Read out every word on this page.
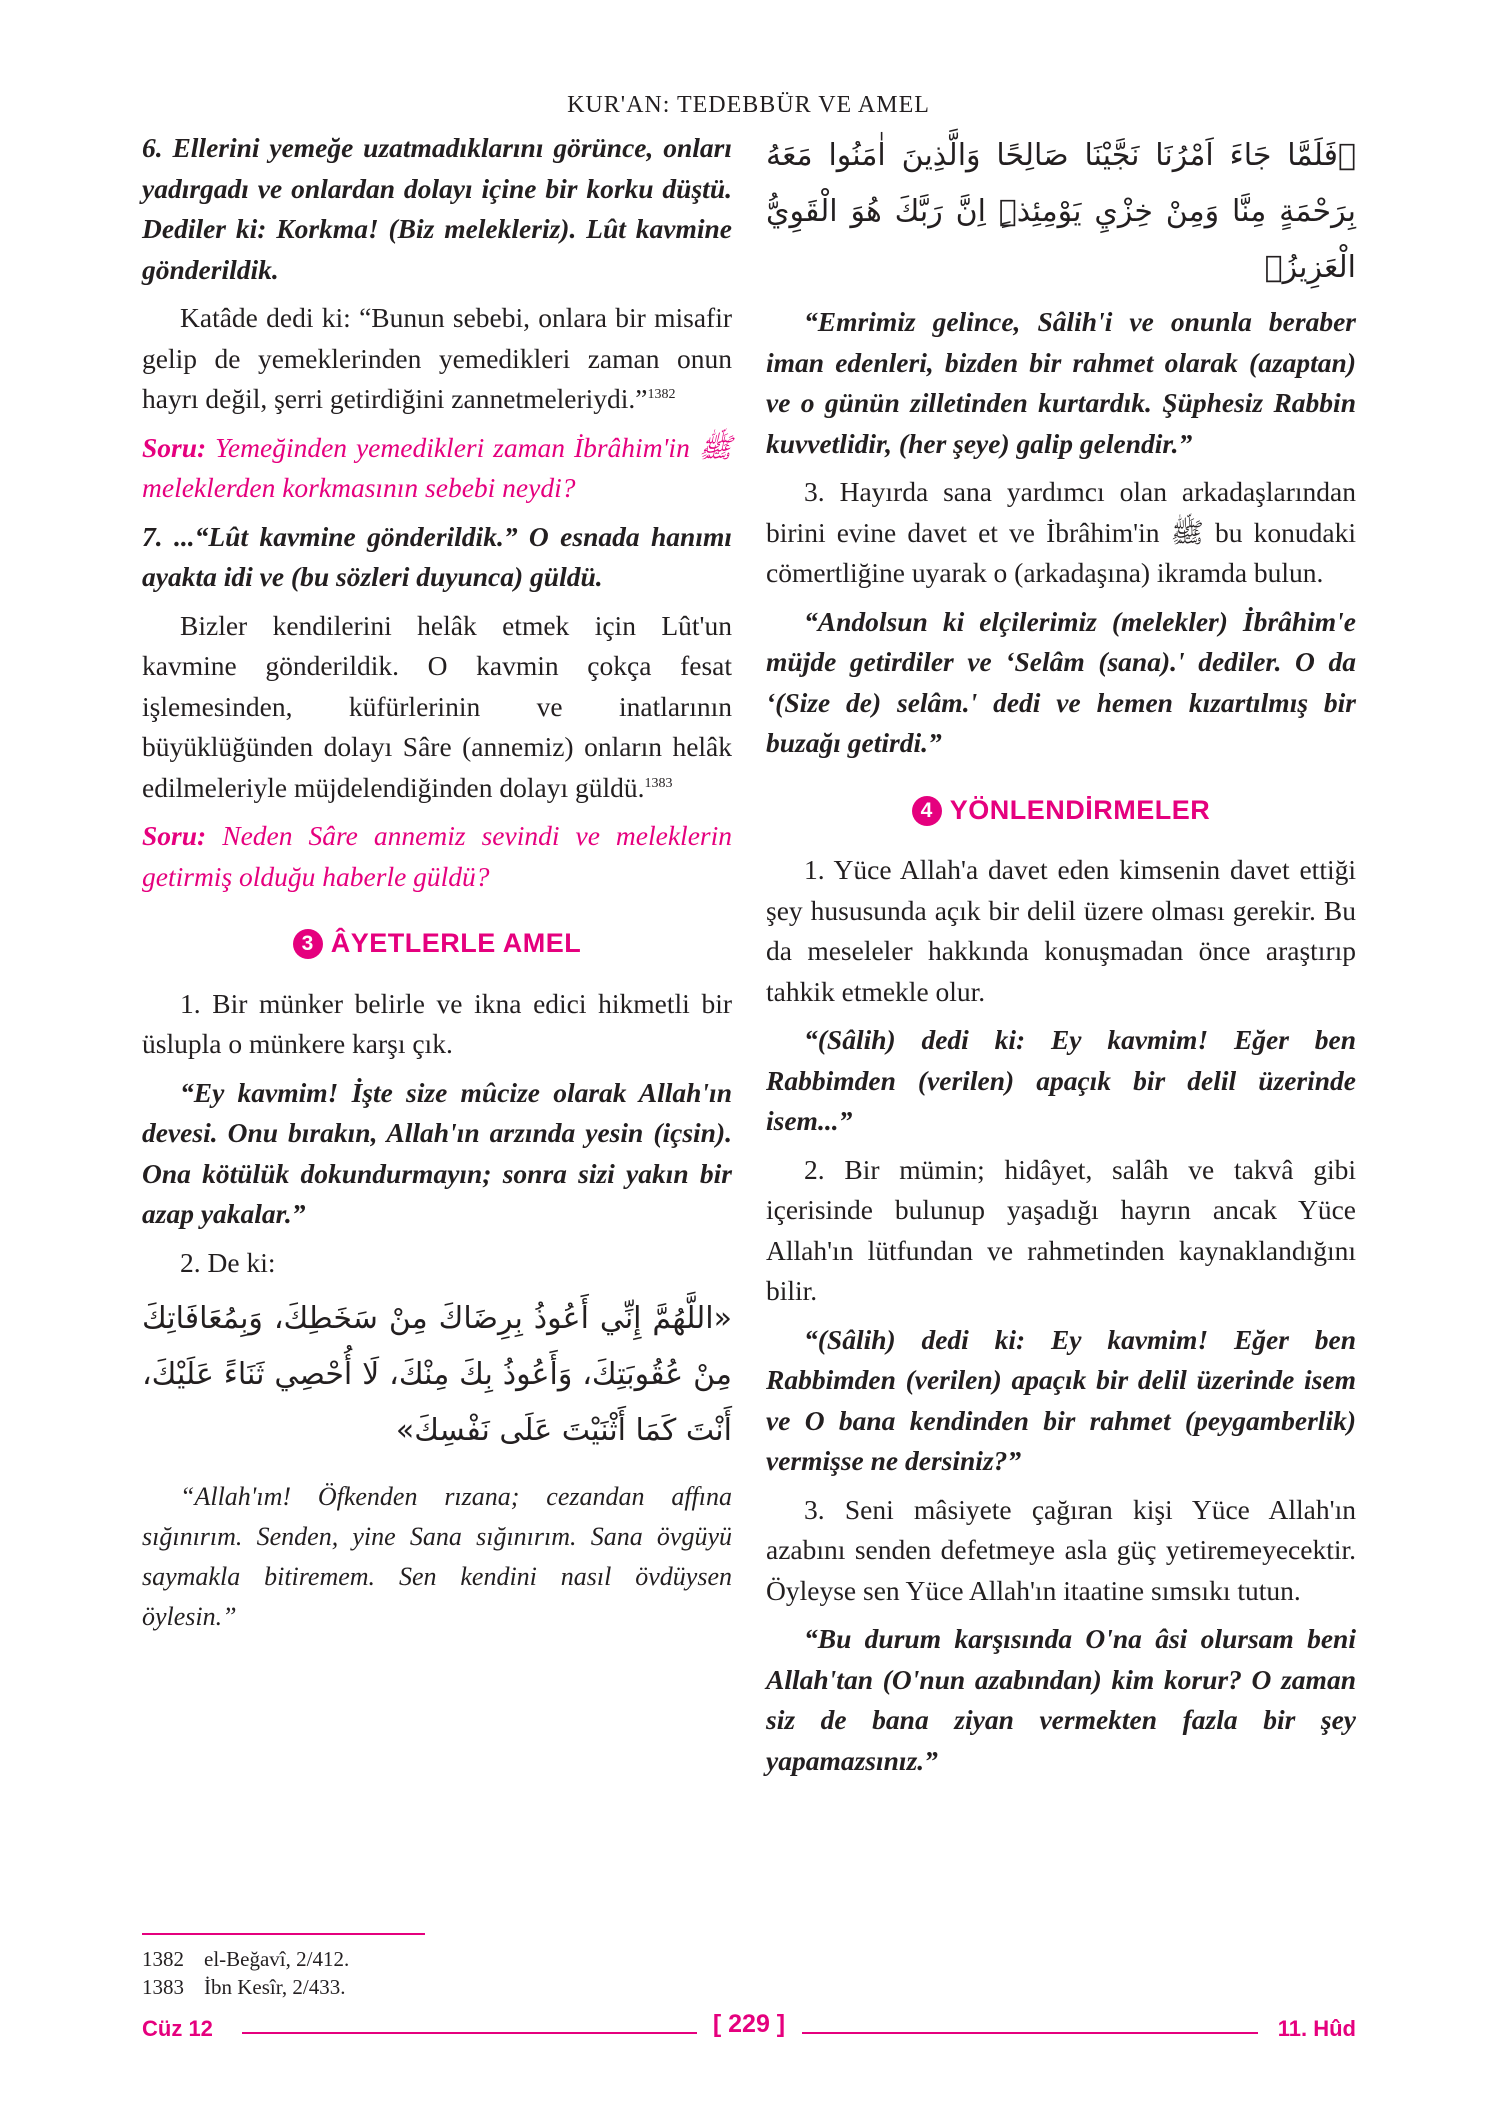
KUR'AN: TEDEBBÜR VE AMEL

6. Ellerini yemeğe uzatmadıklarını görünce, onları yadırgadı ve onlardan dolayı içine bir korku düştü. Dediler ki: Korkma! (Biz melekleriz). Lût kavmine gönderildik.

Katâde dedi ki: “Bunun sebebi, onlara bir misafir gelip de yemeklerinden yemedikleri zaman onun hayrı değil, şerri getirdiğini zannetmeleriydi.”$^{1382}$

Soru: Yemeğinden yemedikleri zaman İbrâhim'in ﷺ meleklerden korkmasının sebebi neydi?

7. ...“Lût kavmine gönderildik.” O esnada hanımı ayakta idi ve (bu sözleri duyunca) güldü.

Bizler kendilerini helâk etmek için Lût'un kavmine gönderildik. O kavmin çokça fesat işlemesinden, küfürlerinin ve inatlarının büyüklüğünden dolayı Sâre (annemiz) onların helâk edilmeleriyle müjdelendiğinden dolayı güldü.$^{1383}$

Soru: Neden Sâre annemiz sevindi ve meleklerin getirmiş olduğu haberle güldü?

3 ÂYETLERLE AMEL

1. Bir münker belirle ve ikna edici hikmetli bir üslupla o münkere karşı çık.

“Ey kavmim! İşte size mûcize olarak Allah'ın devesi. Onu bırakın, Allah'ın arzında yesin (içsin). Ona kötülük dokundurmayın; sonra sizi yakın bir azap yakalar.”

2. De ki:

«اللَّهُمَّ إِنِّي أَعُوذُ بِرِضَاكَ مِنْ سَخَطِكَ، وَبِمُعَافَاتِكَ مِنْ عُقُوبَتِكَ، وَأَعُوذُ بِكَ مِنْكَ، لَا أُحْصِي ثَنَاءً عَلَيْكَ، أَنْتَ كَمَا أَثْنَيْتَ عَلَى نَفْسِكَ»

“Allah'ım! Öfkenden rızana; cezandan affına sığınırım. Senden, yine Sana sığınırım. Sana övgüyü saymakla bitiremem. Sen kendini nasıl övdüysen öylesin.”

﴿فَلَمَّا جَاءَ اَمْرُنَا نَجَّيْنَا صَالِحًا وَالَّذِينَ اٰمَنُوا مَعَهُ بِرَحْمَةٍ مِنَّا وَمِنْ خِزْيِ يَوْمِئِذٍۜ اِنَّ رَبَّكَ هُوَ الْقَوِيُّ الْعَزِيزُ﴾

“Emrimiz gelince, Sâlih'i ve onunla beraber iman edenleri, bizden bir rahmet olarak (azaptan) ve o günün zilletinden kurtardık. Şüphesiz Rabbin kuvvetlidir, (her şeye) galip gelendir.”

3. Hayırda sana yardımcı olan arkadaşlarından birini evine davet et ve İbrâhim'in ﷺ bu konudaki cömertliğine uyarak o (arkadaşına) ikramda bulun.

“Andolsun ki elçilerimiz (melekler) İbrâhim'e müjde getirdiler ve ‘Selâm (sana).' dediler. O da ‘(Size de) selâm.' dedi ve hemen kızartılmış bir buzağı getirdi.”

4 YÖNLENDİRMELER

1. Yüce Allah'a davet eden kimsenin davet ettiği şey hususunda açık bir delil üzere olması gerekir. Bu da meseleler hakkında konuşmadan önce araştırıp tahkik etmekle olur.

“(Sâlih) dedi ki: Ey kavmim! Eğer ben Rabbimden (verilen) apaçık bir delil üzerinde isem...”

2. Bir mümin; hidâyet, salâh ve takvâ gibi içerisinde bulunup yaşadığı hayrın ancak Yüce Allah'ın lütfundan ve rahmetinden kaynaklandığını bilir.

“(Sâlih) dedi ki: Ey kavmim! Eğer ben Rabbimden (verilen) apaçık bir delil üzerinde isem ve O bana kendinden bir rahmet (peygamberlik) vermişse ne dersiniz?”

3. Seni mâsiyete çağıran kişi Yüce Allah'ın azabını senden defetmeye asla güç yetiremeyecektir. Öyleyse sen Yüce Allah'ın itaatine sımsıkı tutun.

“Bu durum karşısında O'na âsi olursam beni Allah'tan (O'nun azabından) kim korur? O zaman siz de bana ziyan vermekten fazla bir şey yapamazsınız.”

1382 el-Beğavî, 2/412.
1383 İbn Kesîr, 2/433.
Cüz 12	[ 229 ]	11. Hûd
